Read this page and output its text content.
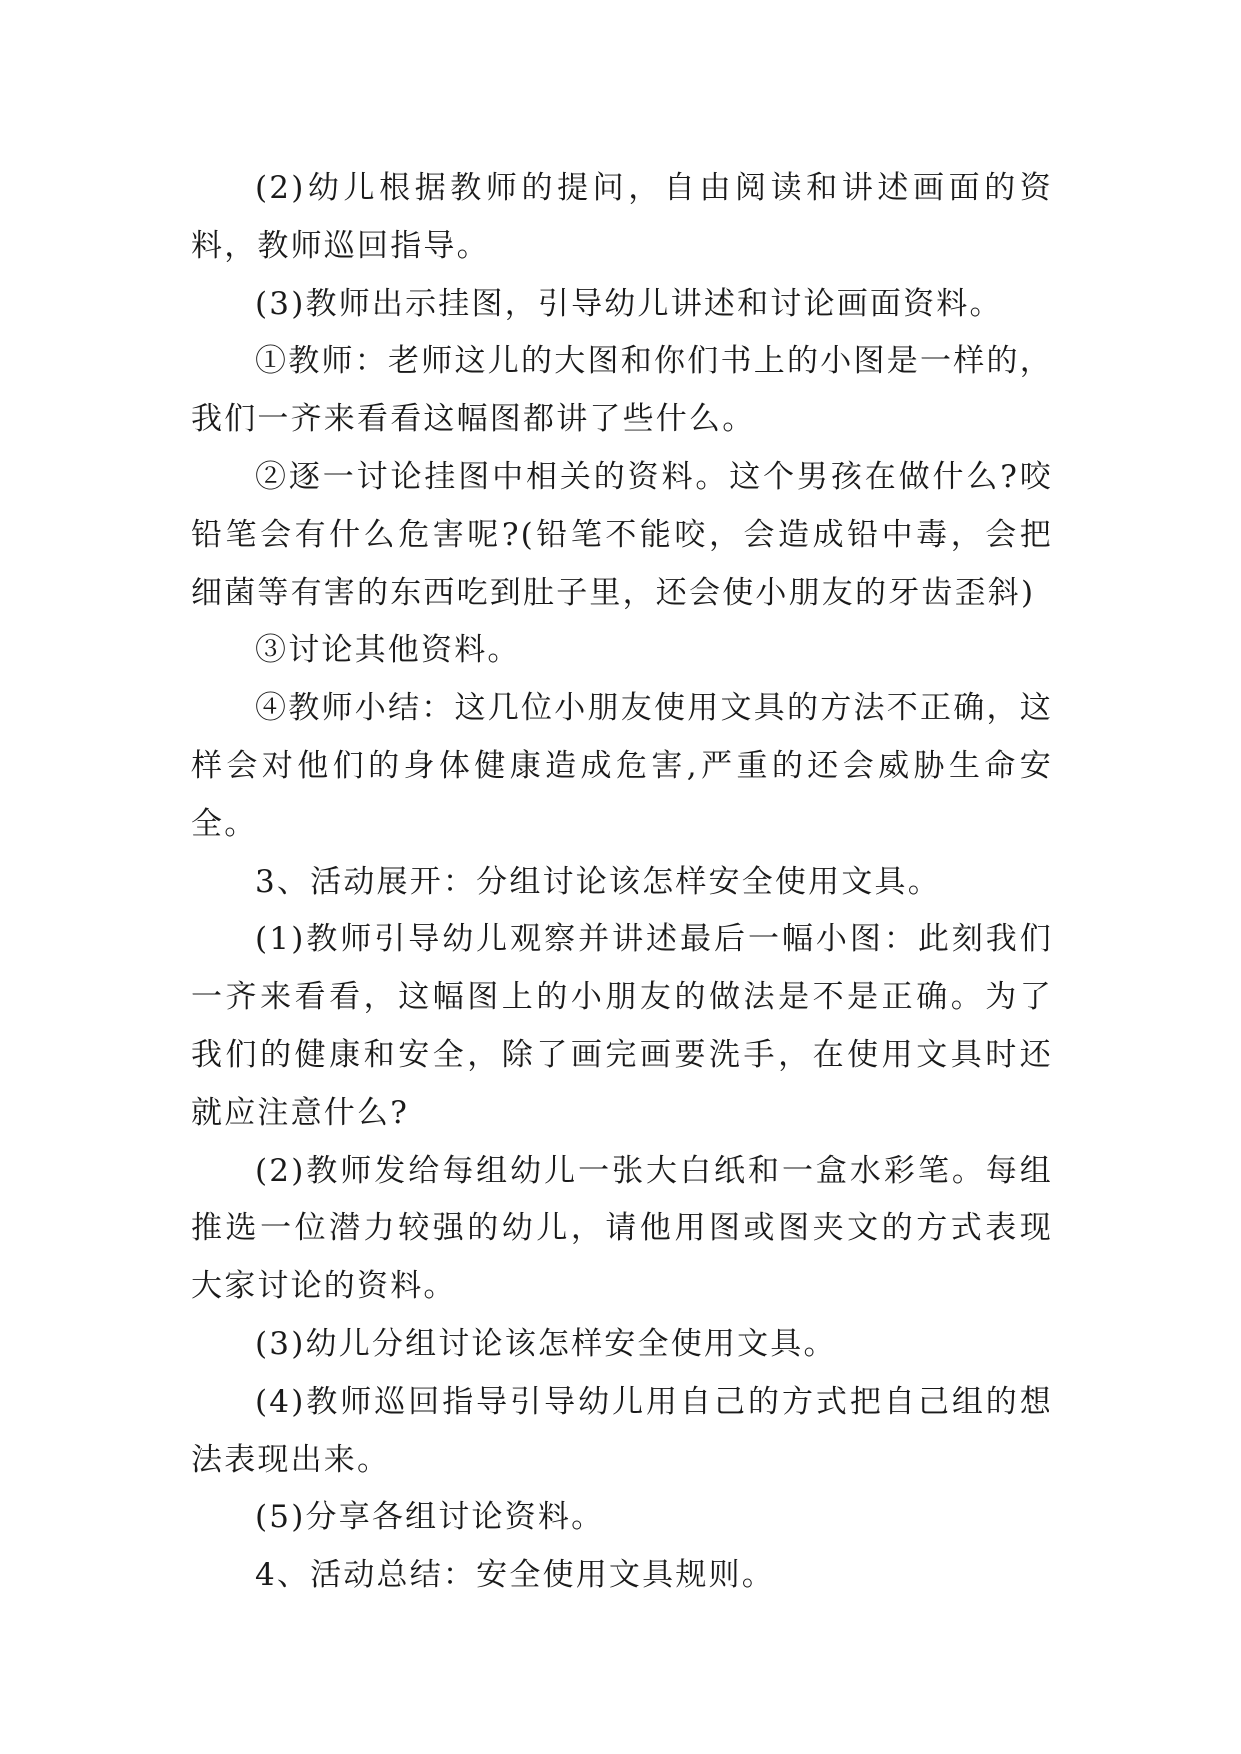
(2)幼儿根据教师的提问，自由阅读和讲述画面的资料，教师巡回指导。

(3)教师出示挂图，引导幼儿讲述和讨论画面资料。

①教师：老师这儿的大图和你们书上的小图是一样的，我们一齐来看看这幅图都讲了些什么。

②逐一讨论挂图中相关的资料。这个男孩在做什么?咬铅笔会有什么危害呢?(铅笔不能咬，会造成铅中毒，会把细菌等有害的东西吃到肚子里，还会使小朋友的牙齿歪斜)

③讨论其他资料。

④教师小结：这几位小朋友使用文具的方法不正确，这样会对他们的身体健康造成危害,严重的还会威胁生命安全。

3、活动展开：分组讨论该怎样安全使用文具。

(1)教师引导幼儿观察并讲述最后一幅小图：此刻我们一齐来看看，这幅图上的小朋友的做法是不是正确。为了我们的健康和安全，除了画完画要洗手，在使用文具时还就应注意什么?

(2)教师发给每组幼儿一张大白纸和一盒水彩笔。每组推选一位潜力较强的幼儿，请他用图或图夹文的方式表现大家讨论的资料。

(3)幼儿分组讨论该怎样安全使用文具。

(4)教师巡回指导引导幼儿用自己的方式把自己组的想法表现出来。

(5)分享各组讨论资料。

4、活动总结：安全使用文具规则。
